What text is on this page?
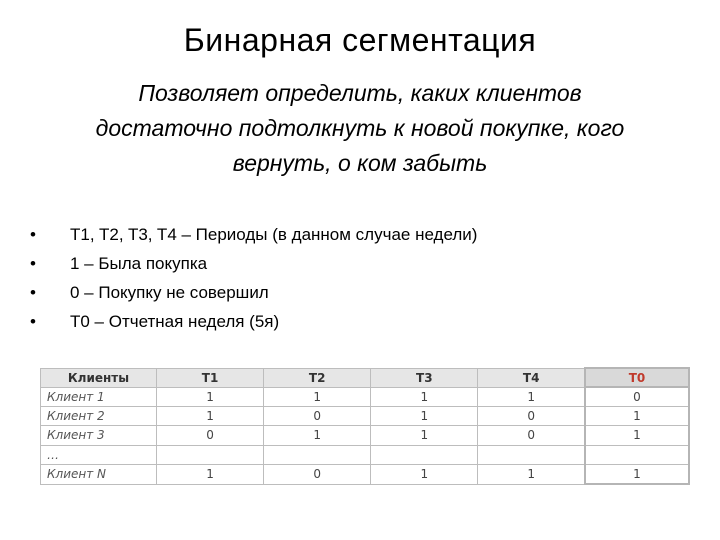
Бинарная сегментация
Позволяет определить, каких клиентов
достаточно подтолкнуть к новой покупке, кого
вернуть, о ком забыть
• T1, T2, T3, T4 – Периоды (в данном случае недели)
• 1 – Была покупка
• 0 – Покупку не совершил
• T0 – Отчетная неделя (5я)
Клиенты	T1	T2	T3	T4	T0
Клиент 1	1	1	1	1	0
Клиент 2	1	0	1	0	1
Клиент 3	0	1	1	0	1
…					
Клиент N	1	0	1	1	1
